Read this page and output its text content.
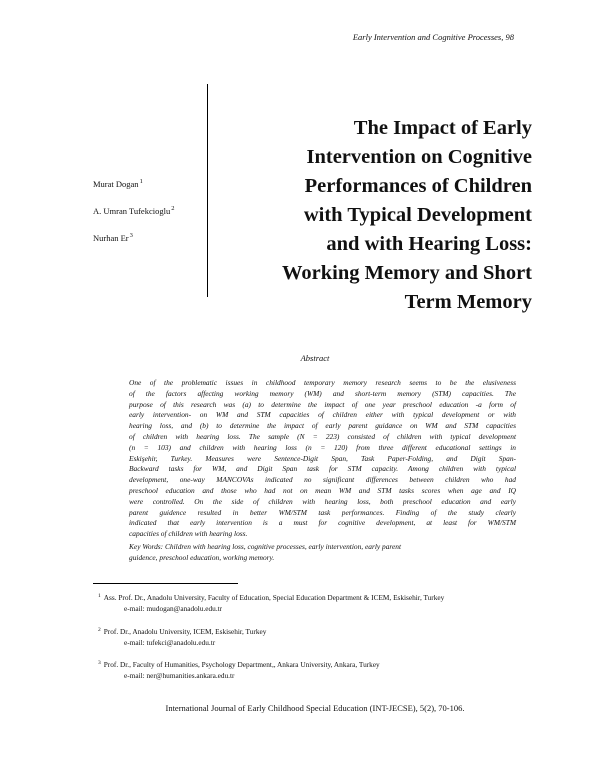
Early Intervention and Cognitive Processes, 98
Murat Dogan$^1$
A. Umran Tufekcioglu$^2$
Nurhan Er$^3$
The Impact of Early
Intervention on Cognitive
Performances of Children
with Typical Development
and with Hearing Loss:
Working Memory and Short
Term Memory
Abstract
One of the problematic issues in childhood temporary memory research seems to be the elusiveness
of the factors affecting working memory (WM) and short-term memory (STM) capacities. The
purpose of this research was (a) to determine the impact of one year preschool education -a form of
early intervention- on WM and STM capacities of children either with typical development or with
hearing loss, and (b) to determine the impact of early parent guidance on WM and STM capacities
of children with hearing loss. The sample (N = 223) consisted of children with typical development
(n = 103) and children with hearing loss (n = 120) from three different educational settings in
Eskişehir, Turkey. Measures were Sentence-Digit Span, Task Paper-Folding, and Digit Span-
Backward tasks for WM, and Digit Span task for STM capacity. Among children with typical
development, one-way MANCOVAs indicated no significant differences between children who had
preschool education and those who had not on mean WM and STM tasks scores when age and IQ
were controlled. On the side of children with hearing loss, both preschool education and early
parent guidence resulted in better WM/STM task performances. Finding of the study clearly
indicated that early intervention is a must for cognitive development, at least for WM/STM
capacities of children with hearing loss.
Key Words: Children with hearing loss, cognitive processes, early intervention, early parent
guidence, preschool education, working memory.
$^1$ Ass. Prof. Dr., Anadolu University, Faculty of Education, Special Education Department & ICEM, Eskisehir, Turkey
e-mail: mudogan@anadolu.edu.tr
$^2$ Prof. Dr., Anadolu University, ICEM, Eskisehir, Turkey
e-mail: tufekci@anadolu.edu.tr
$^3$ Prof. Dr., Faculty of Humanities, Psychology Department,, Ankara University, Ankara, Turkey
e-mail: ner@humanities.ankara.edu.tr
International Journal of Early Childhood Special Education (INT-JECSE), 5(2), 70-106.
